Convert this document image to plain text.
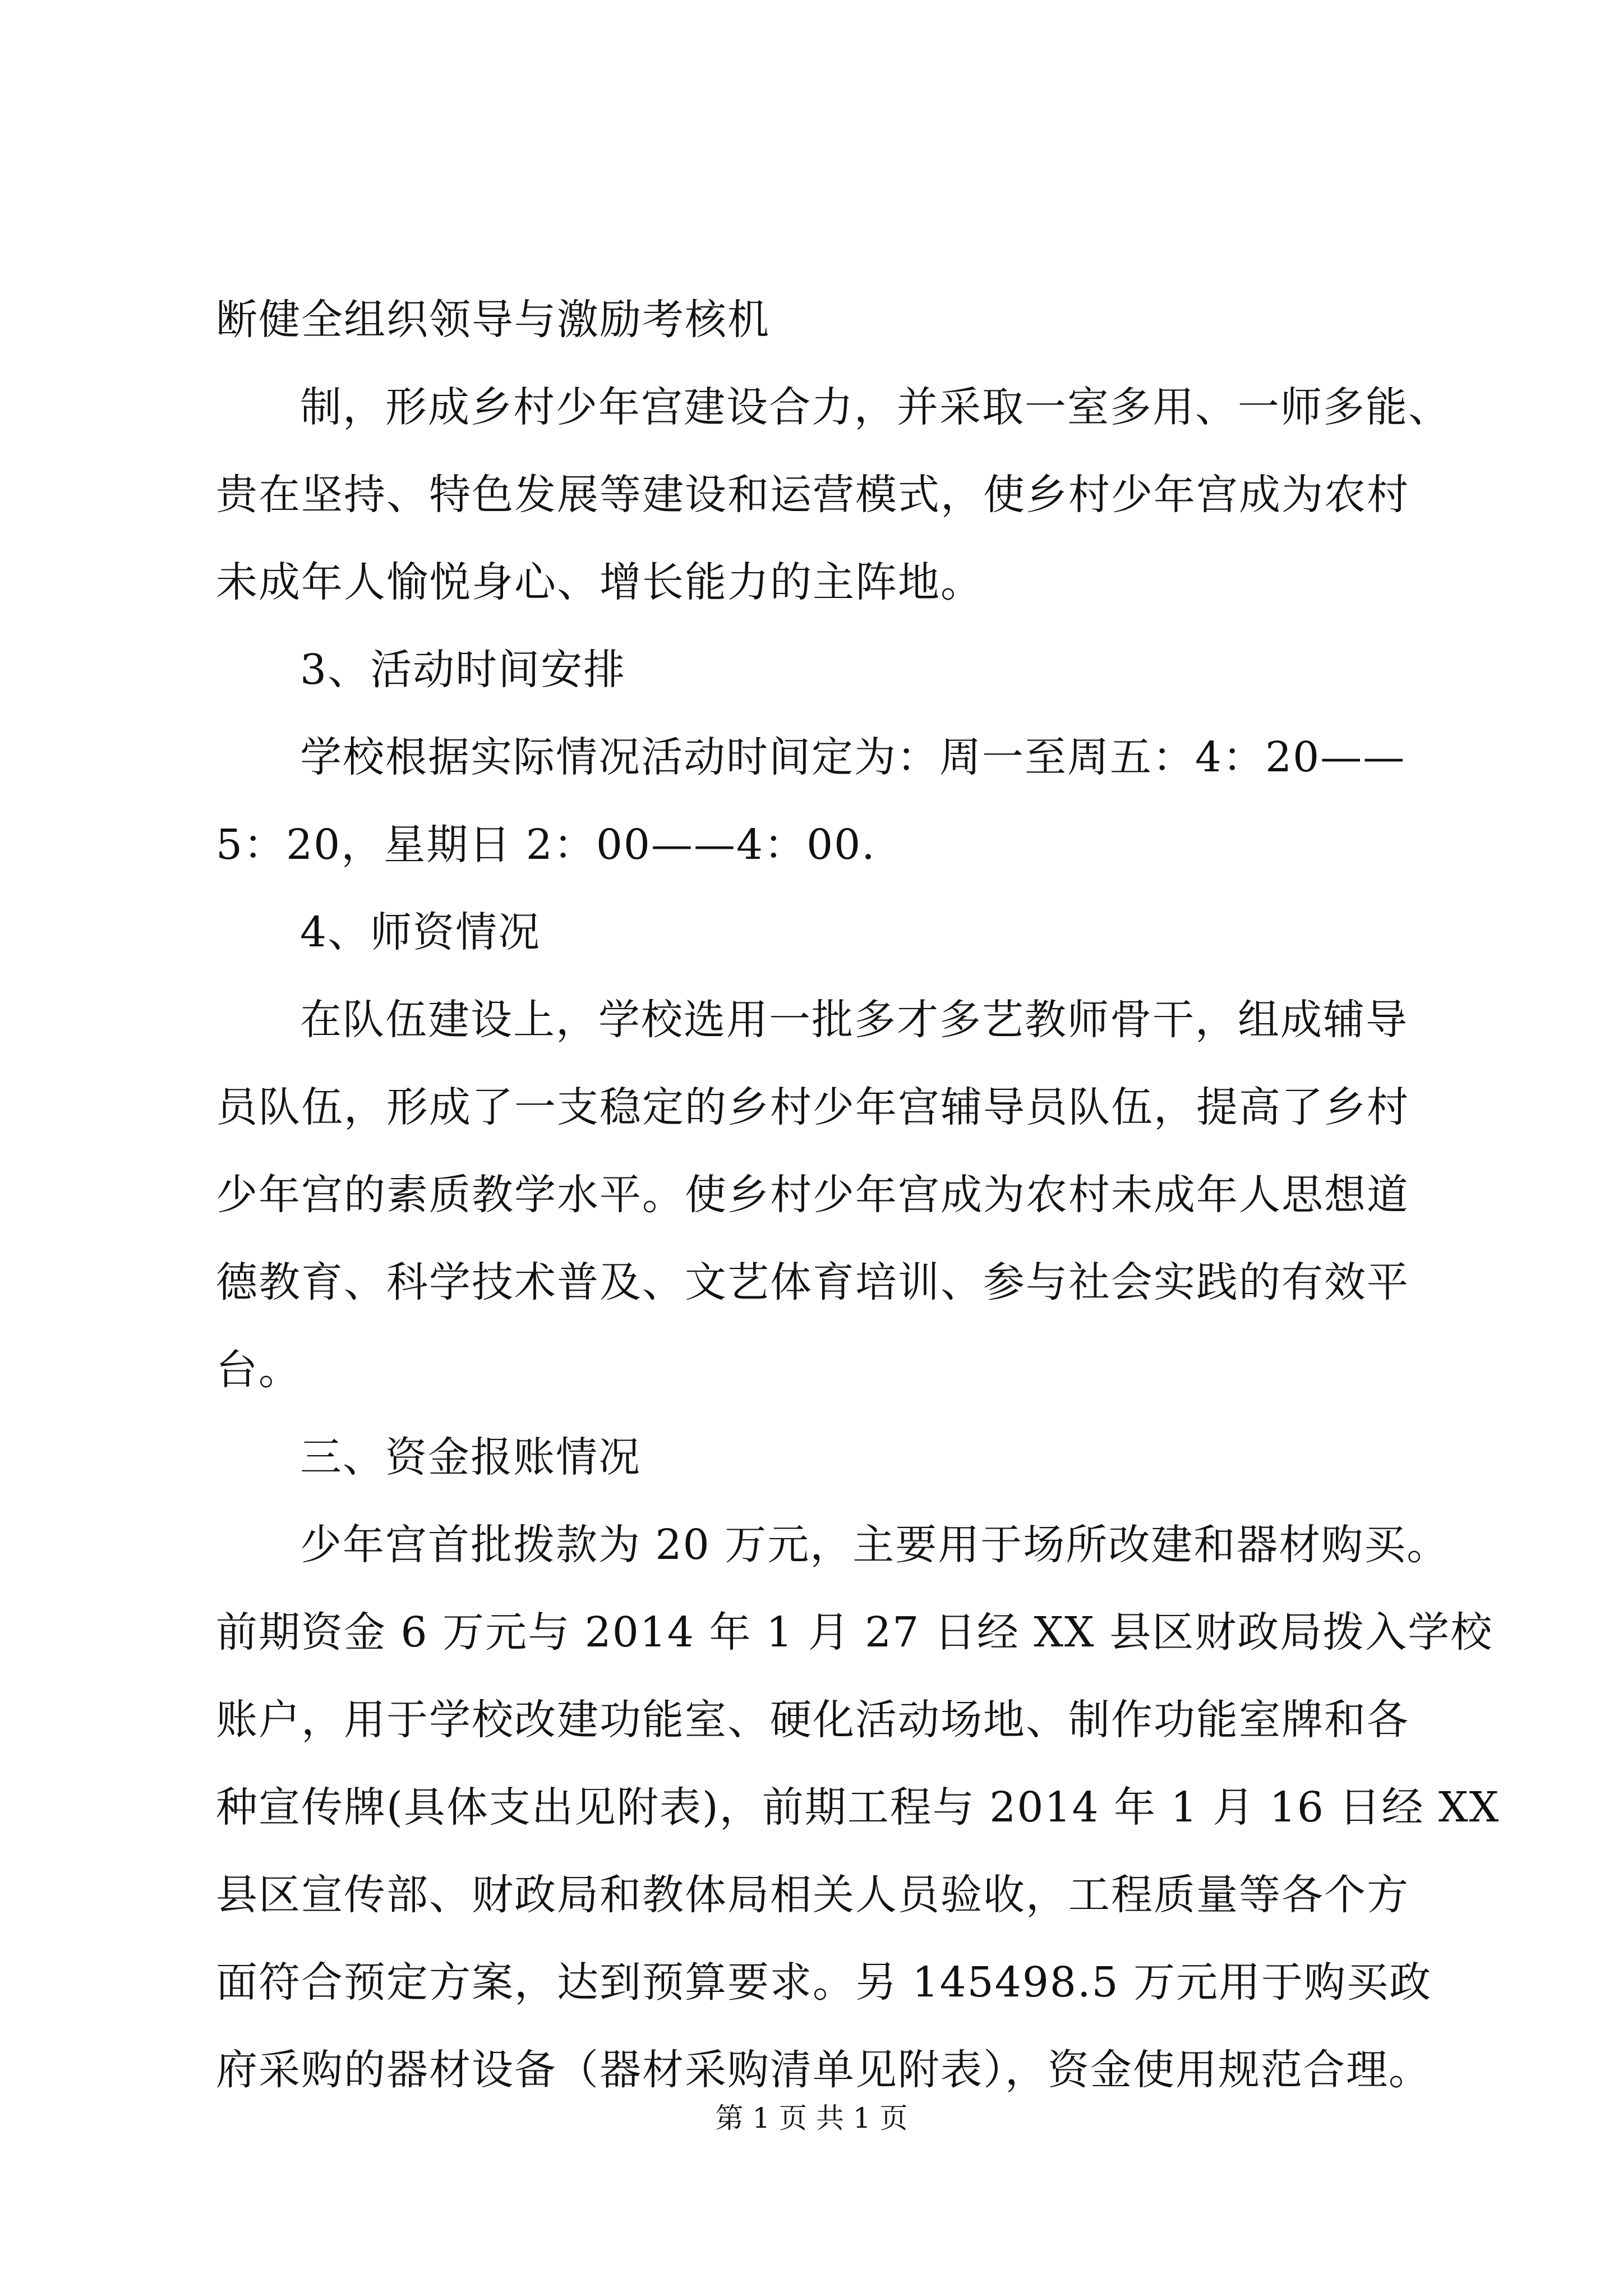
断健全组织领导与激励考核机
制，形成乡村少年宫建设合力，并采取一室多用、一师多能、
贵在坚持、特色发展等建设和运营模式，使乡村少年宫成为农村
未成年人愉悦身心、增长能力的主阵地。
3、活动时间安排
学校根据实际情况活动时间定为：周一至周五：4：20——
5：20，星期日 2：00——4：00.
4、师资情况
在队伍建设上，学校选用一批多才多艺教师骨干，组成辅导
员队伍，形成了一支稳定的乡村少年宫辅导员队伍，提高了乡村
少年宫的素质教学水平。使乡村少年宫成为农村未成年人思想道
德教育、科学技术普及、文艺体育培训、参与社会实践的有效平
台。
三、资金报账情况
少年宫首批拨款为 20 万元，主要用于场所改建和器材购买。
前期资金 6 万元与 2014 年 1 月 27 日经 XX 县区财政局拨入学校
账户，用于学校改建功能室、硬化活动场地、制作功能室牌和各
种宣传牌(具体支出见附表)，前期工程与 2014 年 1 月 16 日经 XX
县区宣传部、财政局和教体局相关人员验收，工程质量等各个方
面符合预定方案，达到预算要求。另 145498.5 万元用于购买政
府采购的器材设备（器材采购清单见附表），资金使用规范合理。
第 1 页 共 1 页
